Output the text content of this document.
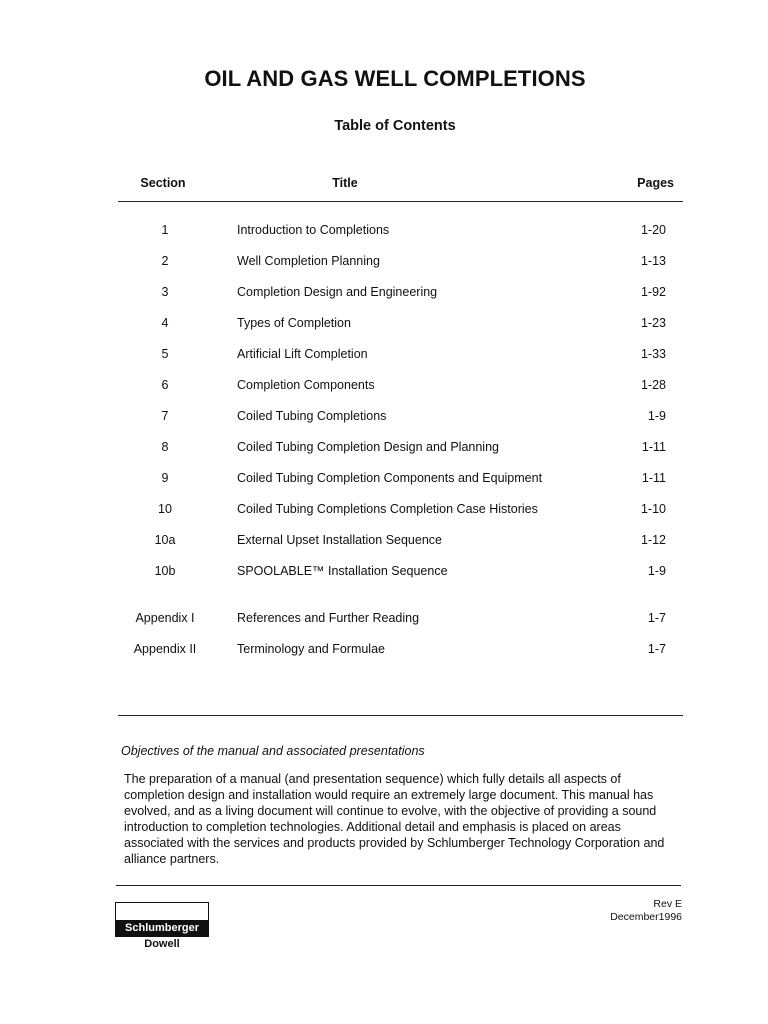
OIL AND GAS WELL COMPLETIONS
Table of Contents
Section	Title	Pages
1	Introduction to Completions	1-20
2	Well Completion Planning	1-13
3	Completion Design and Engineering	1-92
4	Types of Completion	1-23
5	Artificial Lift Completion	1-33
6	Completion Components	1-28
7	Coiled Tubing Completions	1-9
8	Coiled Tubing Completion Design and Planning	1-11
9	Coiled Tubing Completion Components and Equipment	1-11
10	Coiled Tubing Completions Completion Case Histories	1-10
10a	External Upset Installation Sequence	1-12
10b	SPOOLABLE™ Installation Sequence	1-9
Appendix I	References and Further Reading	1-7
Appendix II	Terminology and Formulae	1-7
Objectives of the manual and associated presentations
The preparation of a manual (and presentation sequence) which fully details all aspects of completion design and installation would require an extremely large document. This manual has evolved, and as a living document will continue to evolve, with the objective of providing a sound introduction to completion technologies. Additional detail and emphasis is placed on areas associated with the services and products provided by Schlumberger Technology Corporation and alliance partners.
Rev E
December1996
Schlumberger
Dowell
